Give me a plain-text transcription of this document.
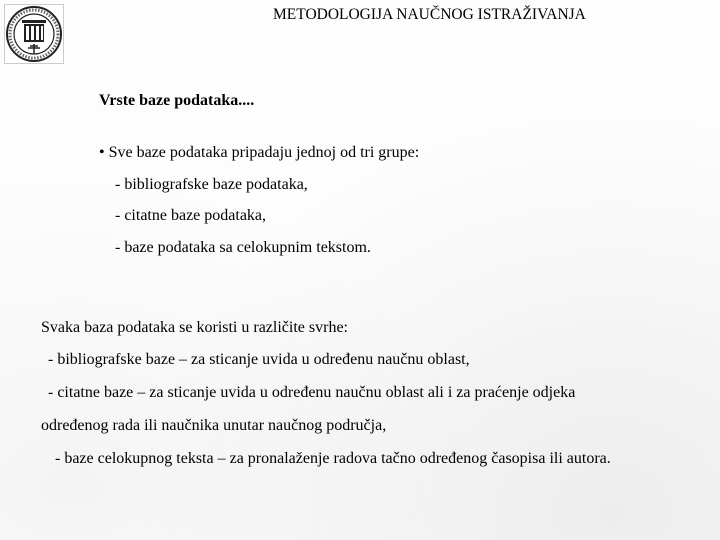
METODOLOGIJA NAUČNOG ISTRAŽIVANJA
Vrste baze podataka....
• Sve baze podataka pripadaju jednoj od tri grupe:
- bibliografske baze podataka,
- citatne baze podataka,
- baze podataka sa celokupnim tekstom.
Svaka baza podataka se koristi u različite svrhe:
- bibliografske baze – za sticanje uvida u određenu naučnu oblast,
- citatne baze – za sticanje uvida u određenu naučnu oblast ali i za praćenje odjeka
određenog rada ili naučnika unutar naučnog područja,
- baze celokupnog teksta – za pronalaženje radova tačno određenog časopisa ili autora.
